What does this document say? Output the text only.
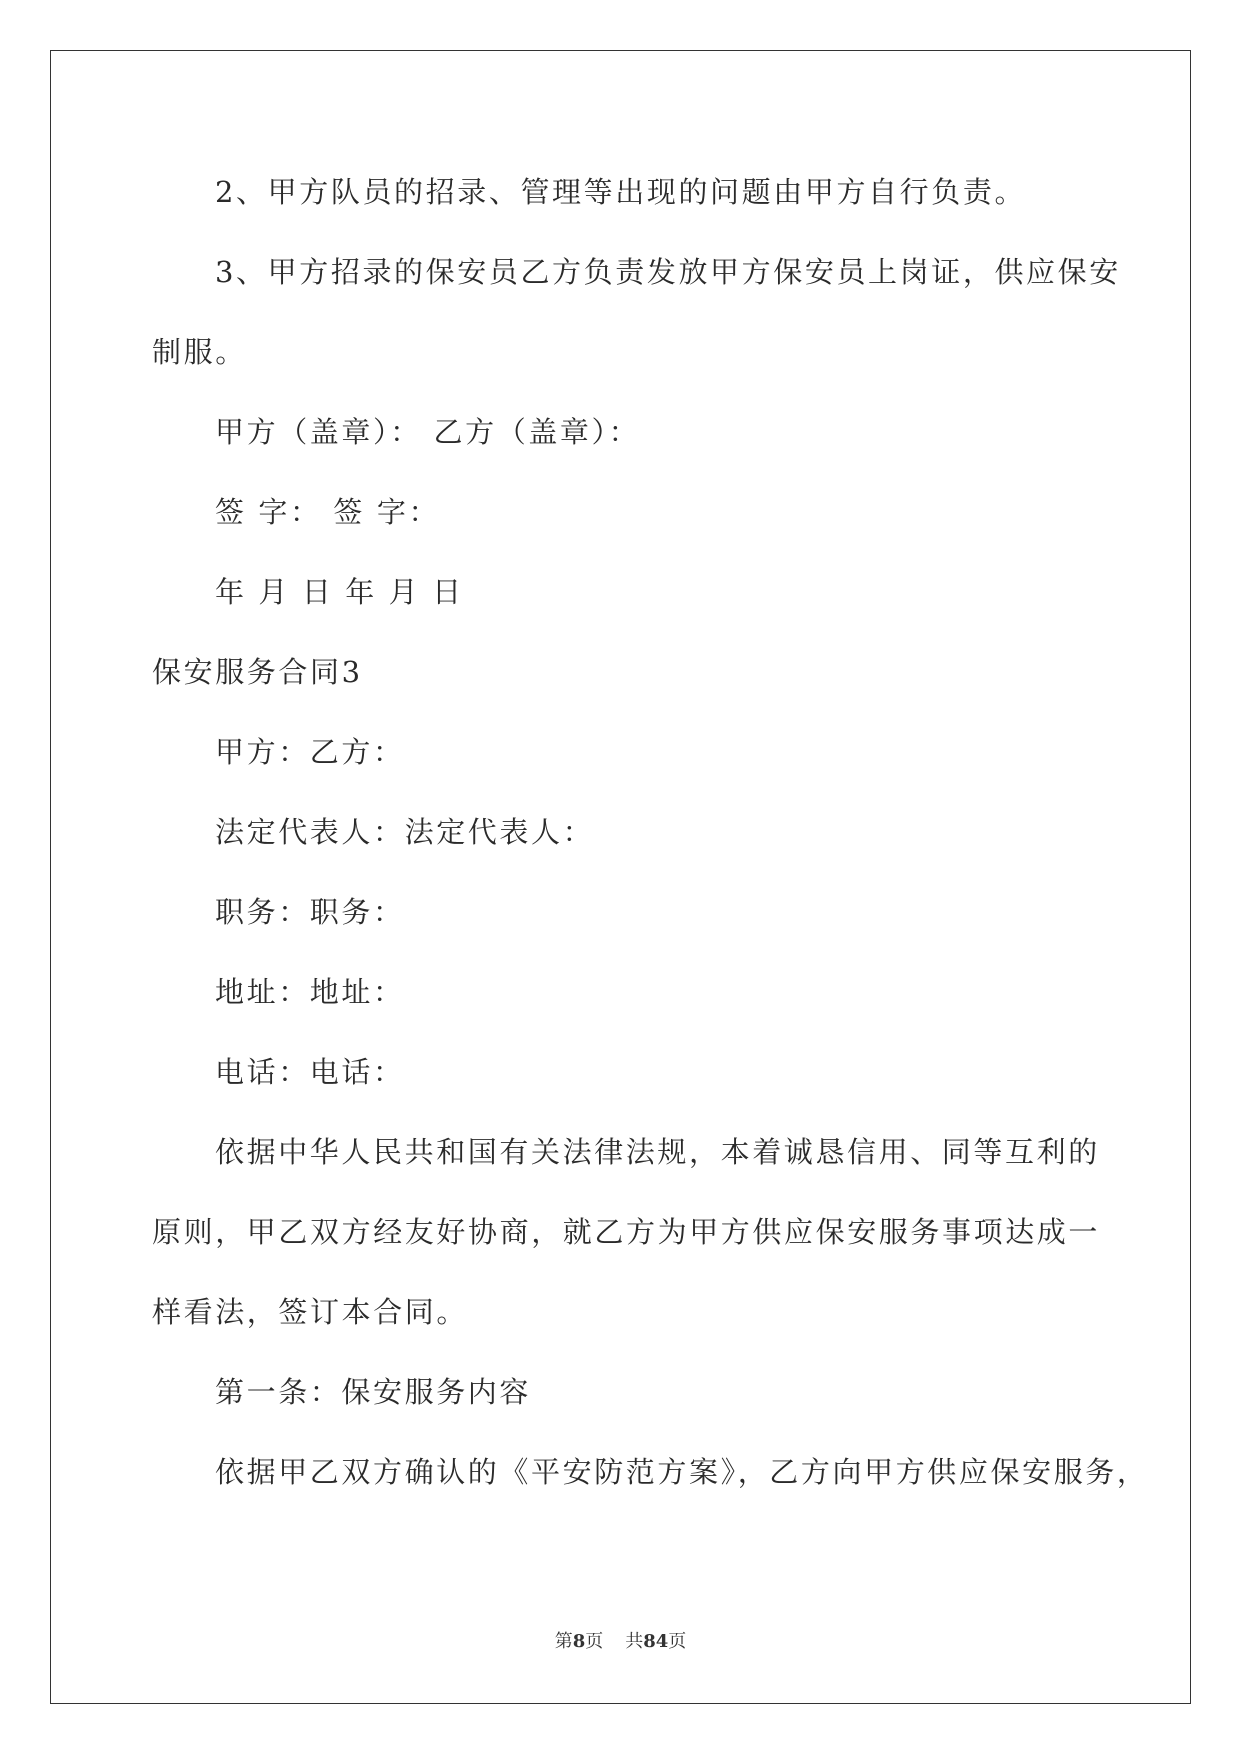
2、甲方队员的招录、管理等出现的问题由甲方自行负责。
3、甲方招录的保安员乙方负责发放甲方保安员上岗证，供应保安
制服。
甲方（盖章）： 乙方（盖章）：
签 字： 签 字：
年 月 日 年 月 日
保安服务合同3
甲方：乙方：
法定代表人：法定代表人：
职务：职务：
地址：地址：
电话：电话：
依据中华人民共和国有关法律法规，本着诚恳信用、同等互利的
原则，甲乙双方经友好协商，就乙方为甲方供应保安服务事项达成一
样看法，签订本合同。
第一条：保安服务内容
依据甲乙双方确认的《平安防范方案》，乙方向甲方供应保安服务，
第8页 共84页
